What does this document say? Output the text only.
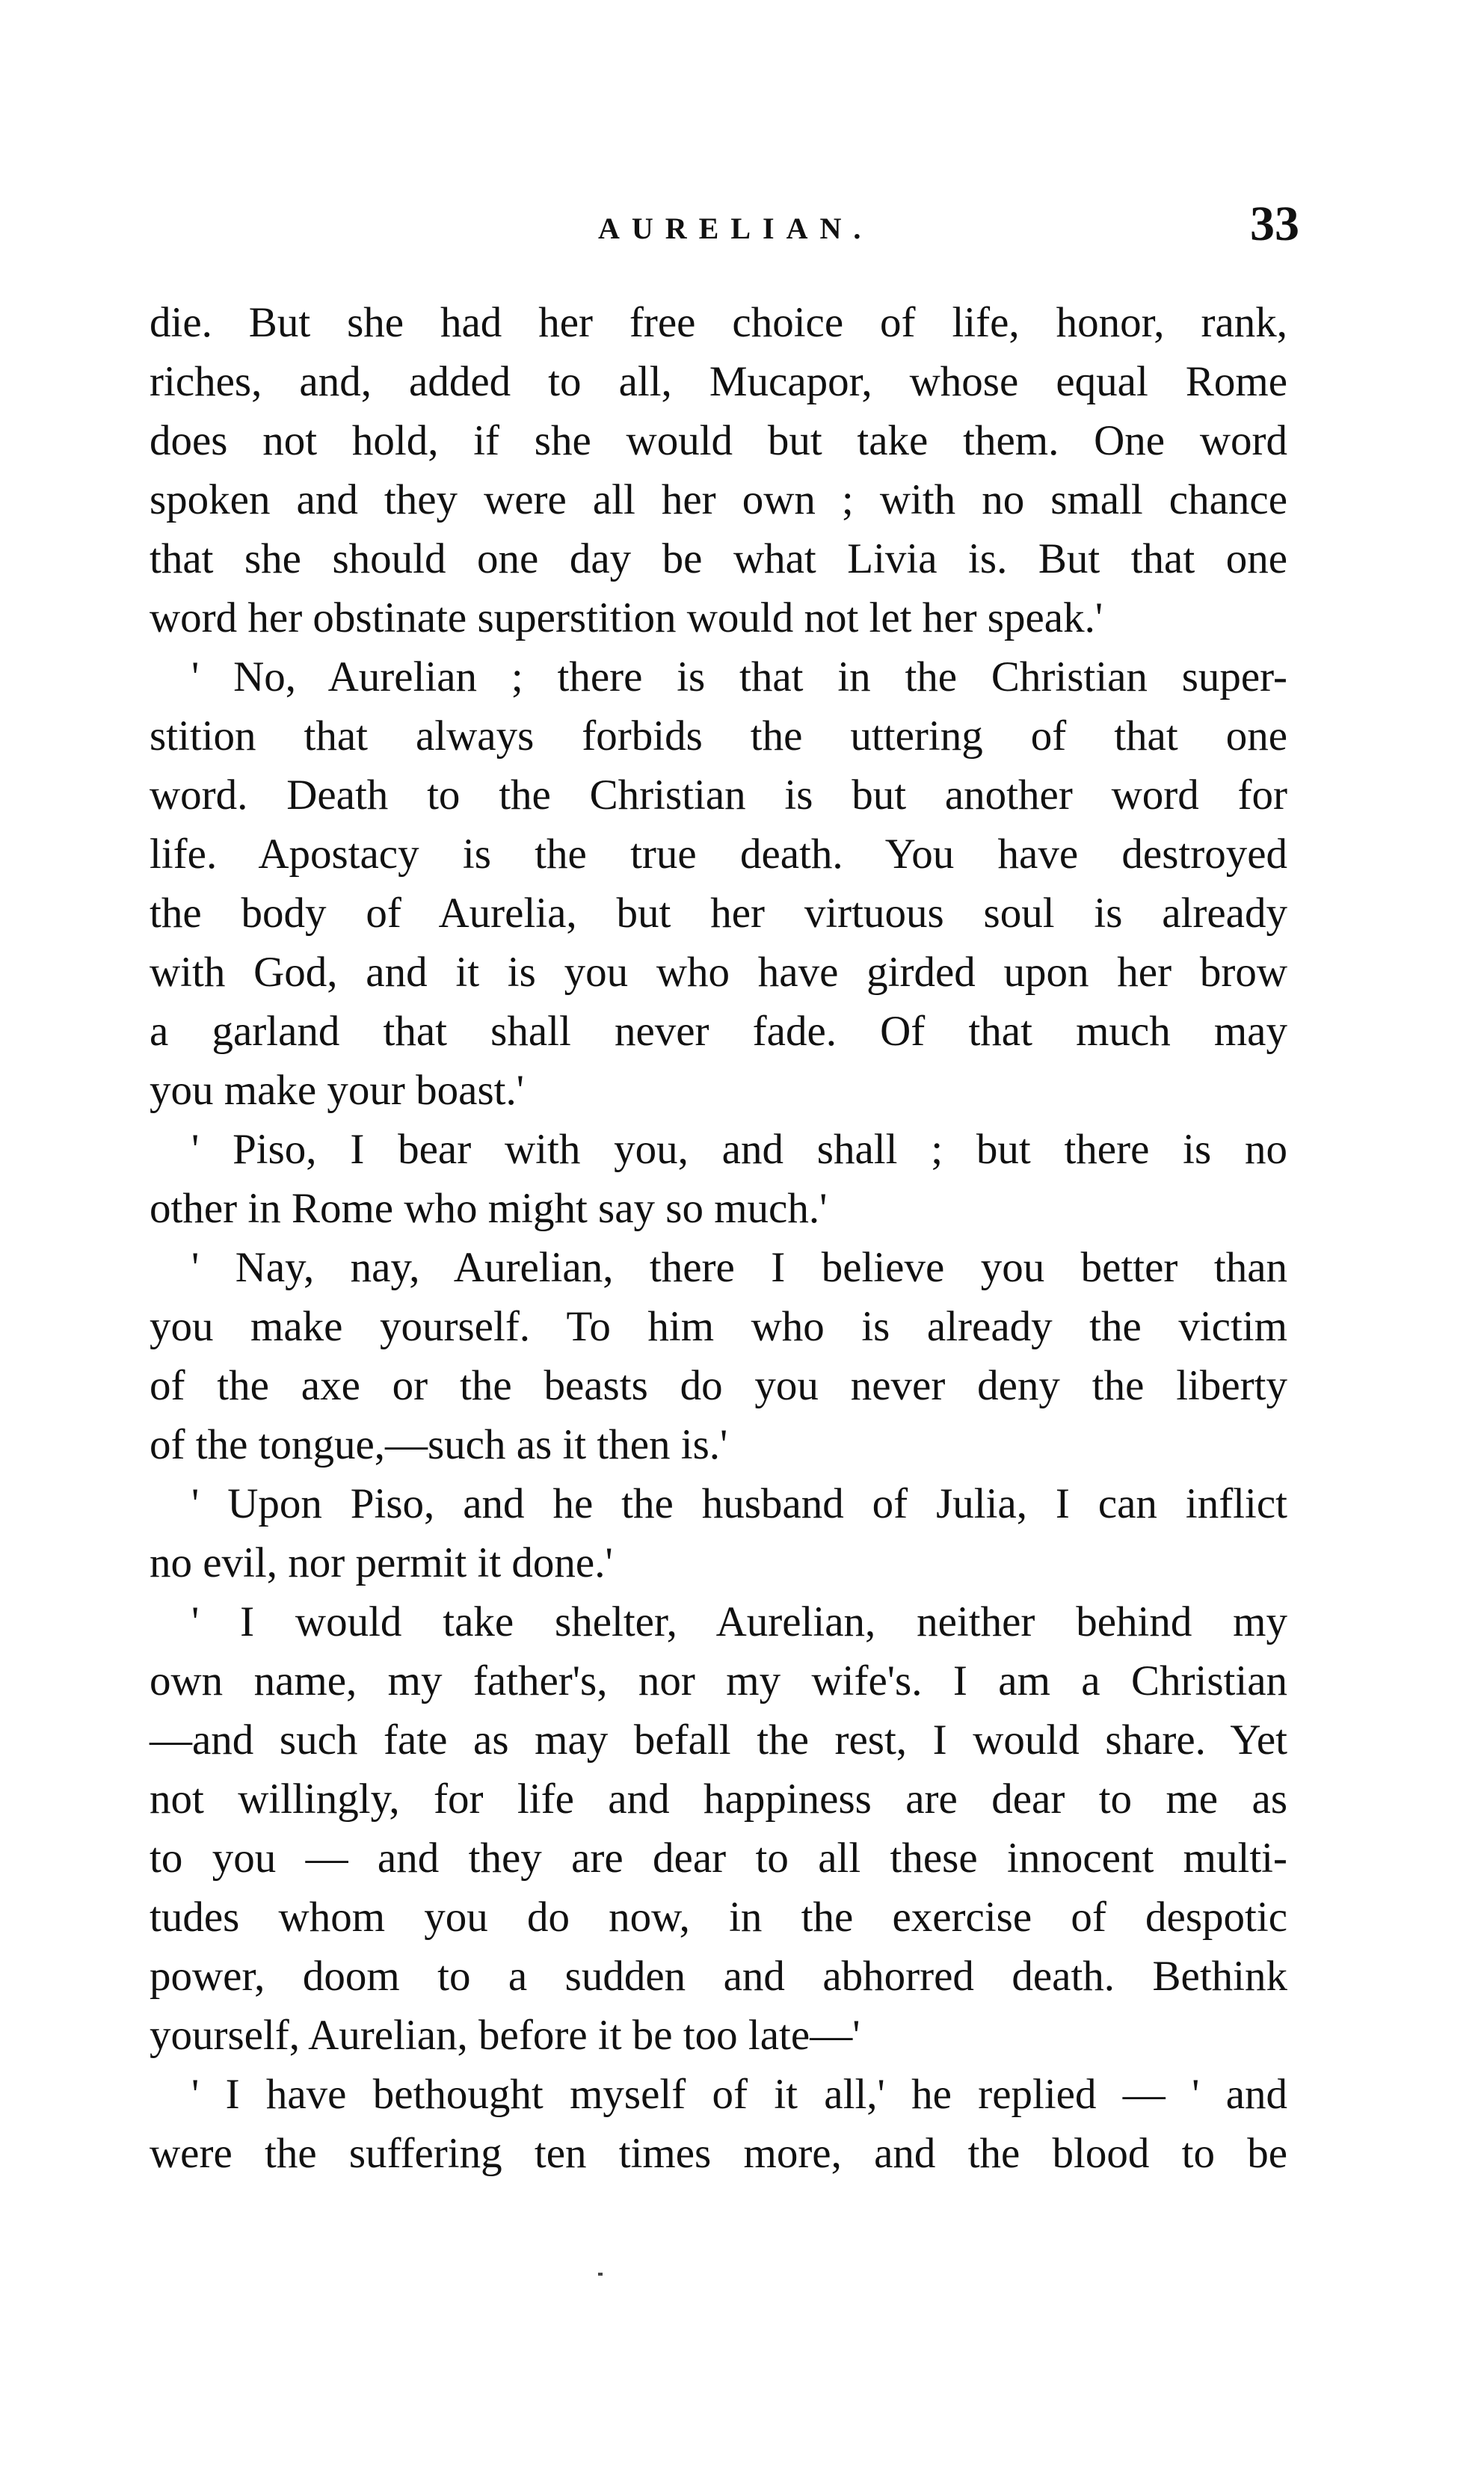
AURELIAN.	33
die. But she had her free choice of life, honor, rank,
riches, and, added to all, Mucapor, whose equal Rome
does not hold, if she would but take them. One word
spoken and they were all her own ; with no small chance
that she should one day be what Livia is. But that one
word her obstinate superstition would not let her speak.'
' No, Aurelian ; there is that in the Christian super-
stition that always forbids the uttering of that one
word. Death to the Christian is but another word for
life. Apostacy is the true death. You have destroyed
the body of Aurelia, but her virtuous soul is already
with God, and it is you who have girded upon her brow
a garland that shall never fade. Of that much may
you make your boast.'
' Piso, I bear with you, and shall ; but there is no
other in Rome who might say so much.'
' Nay, nay, Aurelian, there I believe you better than
you make yourself. To him who is already the victim
of the axe or the beasts do you never deny the liberty
of the tongue,—such as it then is.'
' Upon Piso, and he the husband of Julia, I can inflict
no evil, nor permit it done.'
' I would take shelter, Aurelian, neither behind my
own name, my father's, nor my wife's. I am a Christian
—and such fate as may befall the rest, I would share. Yet
not willingly, for life and happiness are dear to me as
to you — and they are dear to all these innocent multi-
tudes whom you do now, in the exercise of despotic
power, doom to a sudden and abhorred death. Bethink
yourself, Aurelian, before it be too late—'
' I have bethought myself of it all,' he replied — ' and
were the suffering ten times more, and the blood to be
